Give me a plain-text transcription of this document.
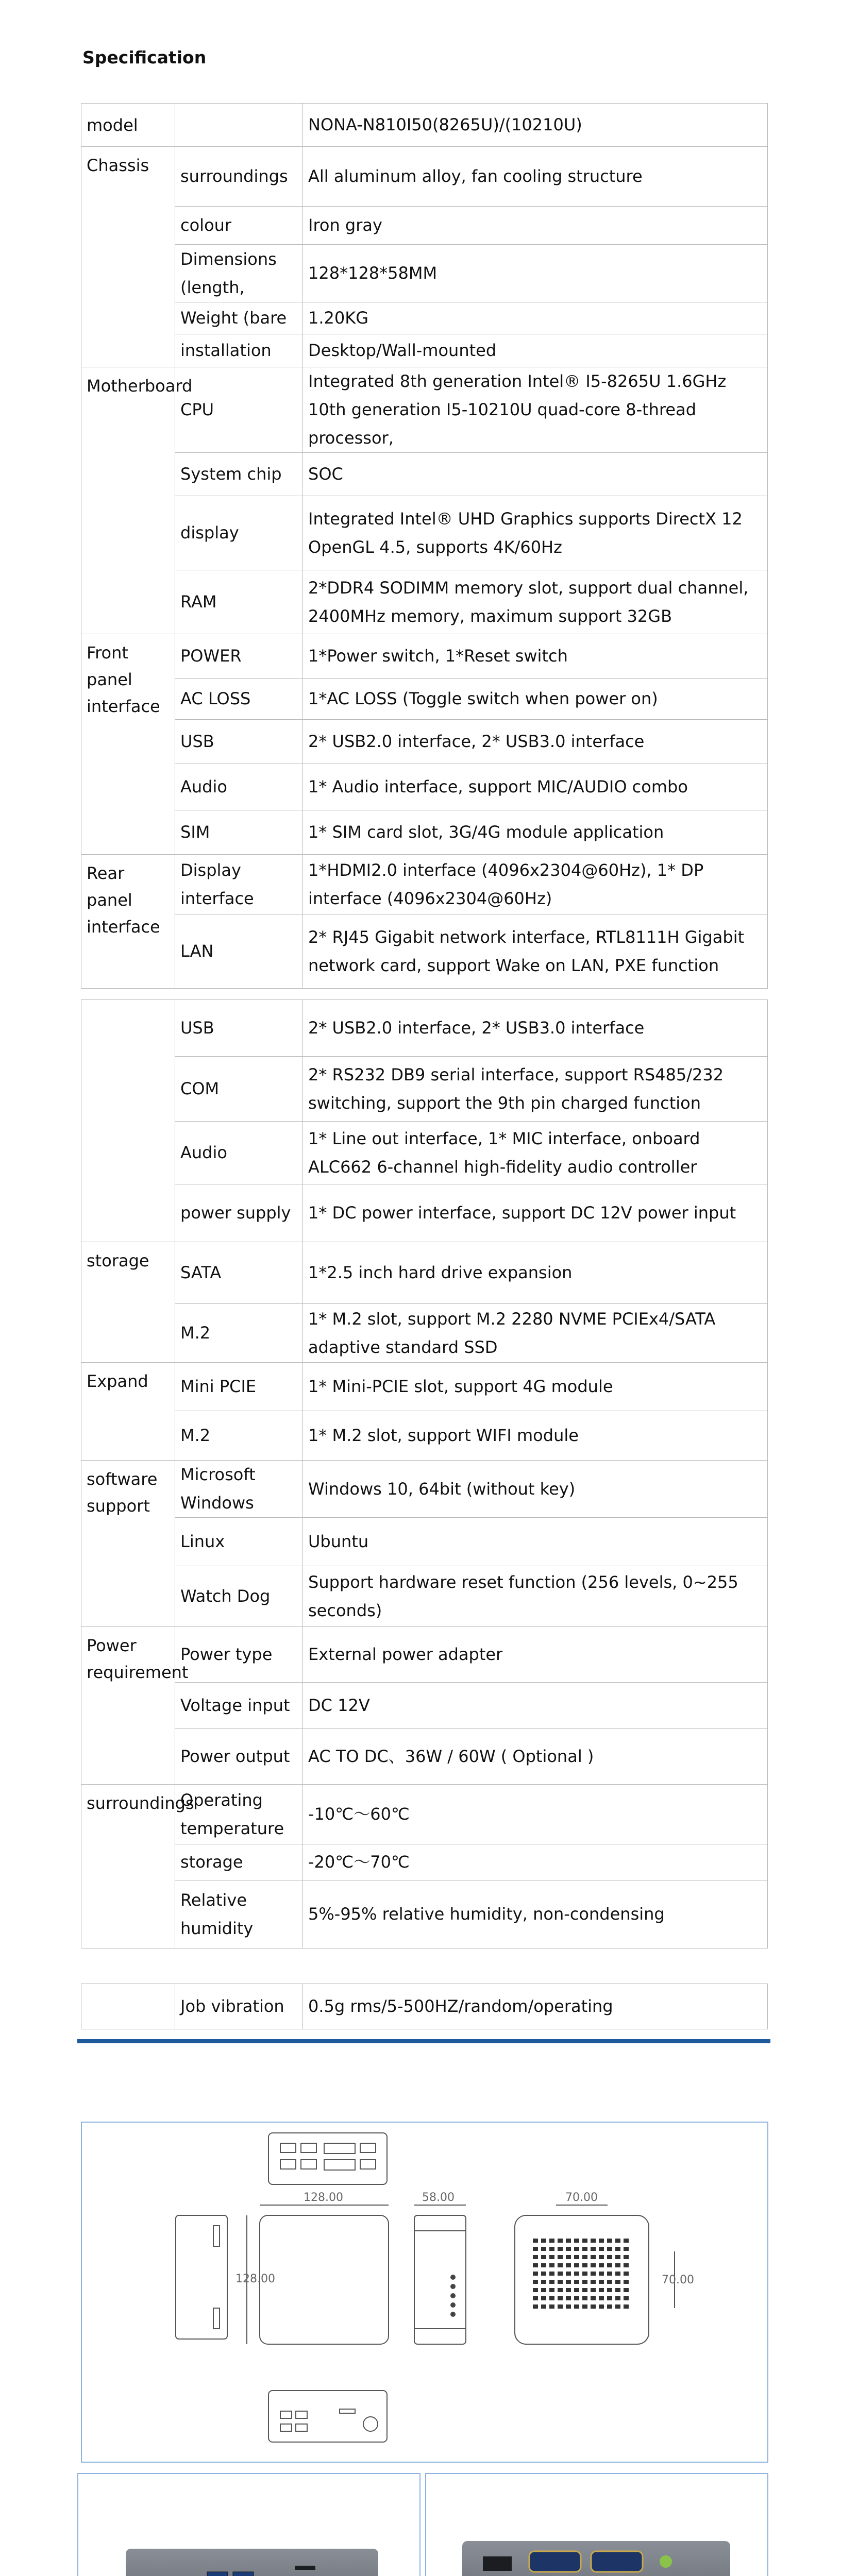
Specification
model		NONA-N810I50(8265U)/(10210U)
Chassis	surroundings	All aluminum alloy, fan cooling structure
	colour	Iron gray
	Dimensions (length,	128*128*58MM
	Weight (bare	1.20KG
	installation	Desktop/Wall-mounted
Motherboard	CPU	Integrated 8th generation Intel® I5-8265U 1.6GHz 10th generation I5-10210U quad-core 8-thread processor,
	System chip	SOC
	display	Integrated Intel® UHD Graphics supports DirectX 12 OpenGL 4.5, supports 4K/60Hz
	RAM	2*DDR4 SODIMM memory slot, support dual channel, 2400MHz memory, maximum support 32GB
Front panel interface	POWER	1*Power switch, 1*Reset switch
	AC LOSS	1*AC LOSS (Toggle switch when power on)
	USB	2* USB2.0 interface, 2* USB3.0 interface
	Audio	1* Audio interface, support MIC/AUDIO combo
	SIM	1* SIM card slot, 3G/4G module application
Rear panel interface	Display interface	1*HDMI2.0 interface (4096x2304@60Hz), 1* DP interface (4096x2304@60Hz)
	LAN	2* RJ45 Gigabit network interface, RTL8111H Gigabit network card, support Wake on LAN, PXE function
	USB	2* USB2.0 interface, 2* USB3.0 interface
	COM	2* RS232 DB9 serial interface, support RS485/232 switching, support the 9th pin charged function
	Audio	1* Line out interface, 1* MIC interface, onboard ALC662 6-channel high-fidelity audio controller
	power supply	1* DC power interface, support DC 12V power input
storage	SATA	1*2.5 inch hard drive expansion
	M.2	1* M.2 slot, support M.2 2280 NVME PCIEx4/SATA adaptive standard SSD
Expand	Mini PCIE	1* Mini-PCIE slot, support 4G module
	M.2	1* M.2 slot, support WIFI module
software support	Microsoft Windows	Windows 10, 64bit (without key)
	Linux	Ubuntu
	Watch Dog	Support hardware reset function (256 levels, 0~255 seconds)
Power requirement	Power type	External power adapter
	Voltage input	DC 12V
	Power output	AC TO DC、36W / 60W ( Optional )
surroundings	Operating temperature	-10℃～60℃
	storage	-20℃～70℃
	Relative humidity	5%-95% relative humidity, non-condensing
	Job vibration	0.5g rms/5-500HZ/random/operating
128.00
128.00
58.00	70.00
70.00
